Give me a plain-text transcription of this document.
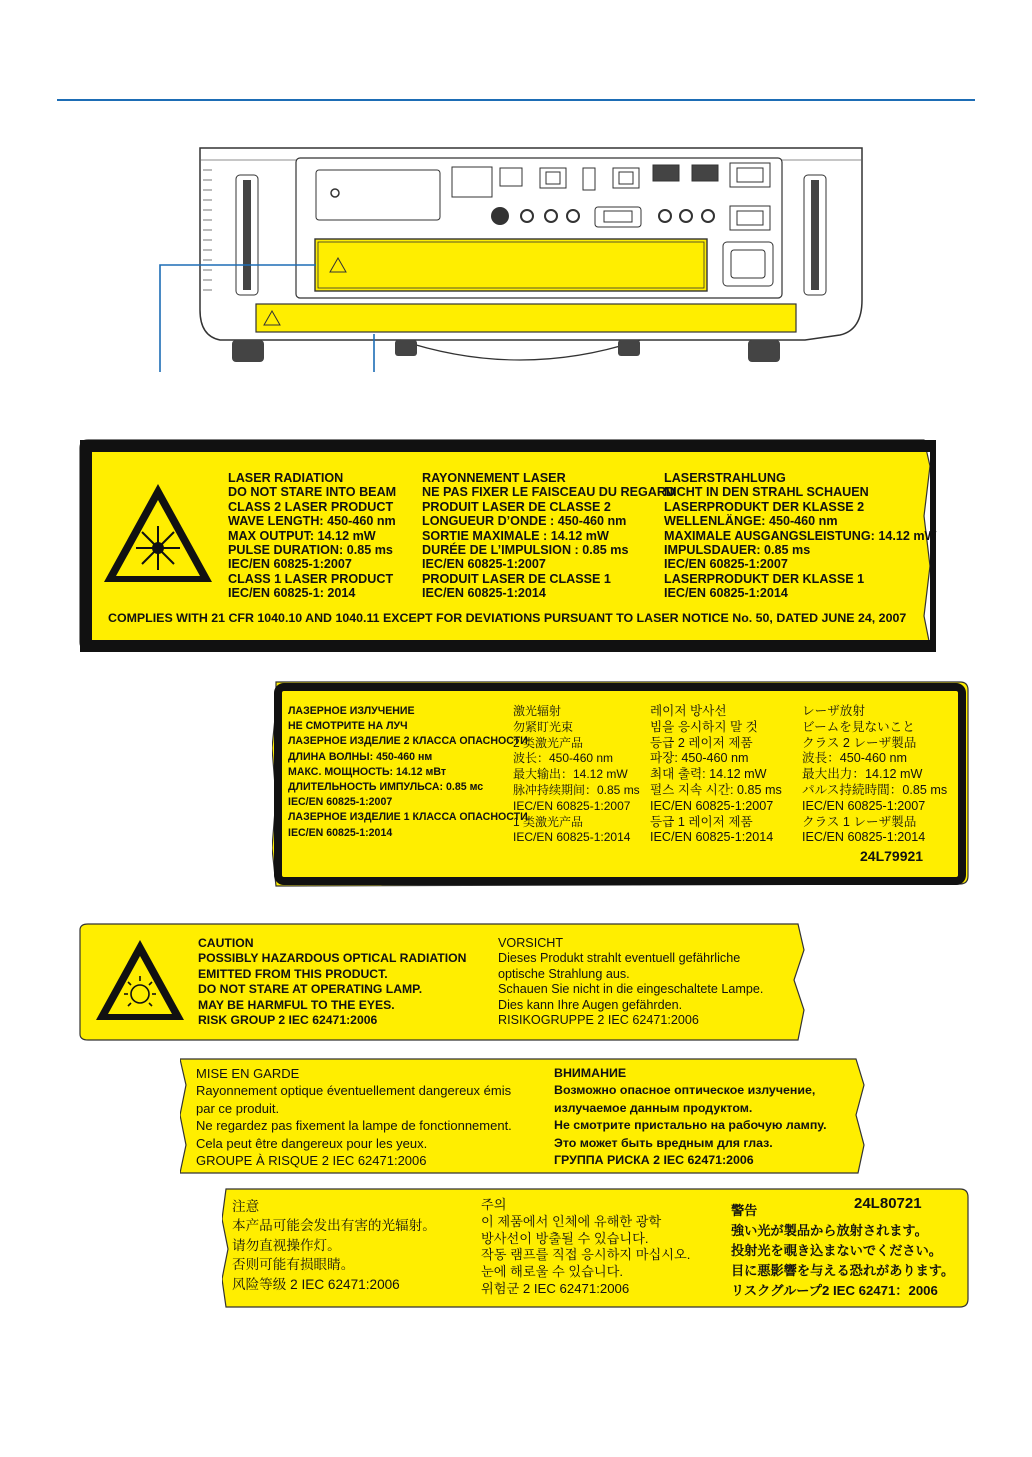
LASER RADIATION
DO NOT STARE INTO BEAM
CLASS 2 LASER PRODUCT
WAVE LENGTH: 450-460 nm
MAX OUTPUT: 14.12 mW
PULSE DURATION: 0.85 ms
IEC/EN 60825-1:2007
CLASS 1 LASER PRODUCT
IEC/EN 60825-1: 2014
RAYONNEMENT LASER
NE PAS FIXER LE FAISCEAU DU REGARD
PRODUIT LASER DE CLASSE 2
LONGUEUR D’ONDE : 450-460 nm
SORTIE MAXIMALE : 14.12 mW
DURÉE DE L’IMPULSION : 0.85 ms
IEC/EN 60825-1:2007
PRODUIT LASER DE CLASSE 1
IEC/EN 60825-1:2014
LASERSTRAHLUNG
NICHT IN DEN STRAHL SCHAUEN
LASERPRODUKT DER KLASSE 2
WELLENLÄNGE: 450-460 nm
MAXIMALE AUSGANGSLEISTUNG: 14.12 mW
IMPULSDAUER: 0.85 ms
IEC/EN 60825-1:2007
LASERPRODUKT DER KLASSE 1
IEC/EN 60825-1:2014
COMPLIES WITH 21 CFR 1040.10 AND 1040.11 EXCEPT FOR DEVIATIONS PURSUANT TO LASER NOTICE No. 50, DATED JUNE 24, 2007
ЛАЗЕРНОЕ ИЗЛУЧЕНИЕ
НЕ СМОТРИТЕ НА ЛУЧ
ЛАЗЕРНОЕ ИЗДЕЛИЕ 2 КЛАССА ОПАСНОСТИ
ДЛИНА ВОЛНЫ: 450-460 нм
МАКС. МОЩНОСТЬ: 14.12 мВт
ДЛИТЕЛЬНОСТЬ ИМПУЛЬСА: 0.85 мс
IEC/EN 60825-1:2007
ЛАЗЕРНОЕ ИЗДЕЛИЕ 1 КЛАССА ОПАСНОСТИ
IEC/EN 60825-1:2014
激光辐射
勿紧盯光束
2 类激光产品
波长：450-460 nm
最大输出：14.12 mW
脉冲持续期间：0.85 ms
IEC/EN 60825-1:2007
1 类激光产品
IEC/EN 60825-1:2014
레이저 방사선
빔을 응시하지 말 것
등급 2 레이저 제품
파장: 450-460 nm
최대 출력: 14.12 mW
펄스 지속 시간: 0.85 ms
IEC/EN 60825-1:2007
등급 1 레이저 제품
IEC/EN 60825-1:2014
レーザ放射
ビームを見ないこと
クラス 2 レーザ製品
波長：450-460 nm
最大出力：14.12 mW
パルス持続時間：0.85 ms
IEC/EN 60825-1:2007
クラス 1 レーザ製品
IEC/EN 60825-1:2014
24L79921
CAUTION
POSSIBLY HAZARDOUS OPTICAL RADIATION
EMITTED FROM THIS PRODUCT.
DO NOT STARE AT OPERATING LAMP.
MAY BE HARMFUL TO THE EYES.
RISK GROUP 2 IEC 62471:2006
VORSICHT
Dieses Produkt strahlt eventuell gefährliche
optische Strahlung aus.
Schauen Sie nicht in die eingeschaltete Lampe.
Dies kann Ihre Augen gefährden.
RISIKOGRUPPE 2 IEC 62471:2006
MISE EN GARDE
Rayonnement optique éventuellement dangereux émis
par ce produit.
Ne regardez pas fixement la lampe de fonctionnement.
Cela peut être dangereux pour les yeux.
GROUPE À RISQUE 2 IEC 62471:2006
ВНИМАНИЕ
Возможно опасное оптическое излучение,
излучаемое данным продуктом.
Не смотрите пристально на рабочую лампу.
Это может быть вредным для глаз.
ГРУППА РИСКА 2 IEC 62471:2006
注意
本产品可能会发出有害的光辐射。
请勿直视操作灯。
否则可能有损眼睛。
风险等级 2 IEC 62471:2006
주의
이 제품에서 인체에 유해한 광학
방사선이 방출될 수 있습니다.
작동 램프를 직접 응시하지 마십시오.
눈에 해로울 수 있습니다.
위험군 2 IEC 62471:2006
警告
強い光が製品から放射されます。
投射光を覗き込まないでください。
目に悪影響を与える恐れがあります。
リスクグループ2 IEC 62471：2006
24L80721
